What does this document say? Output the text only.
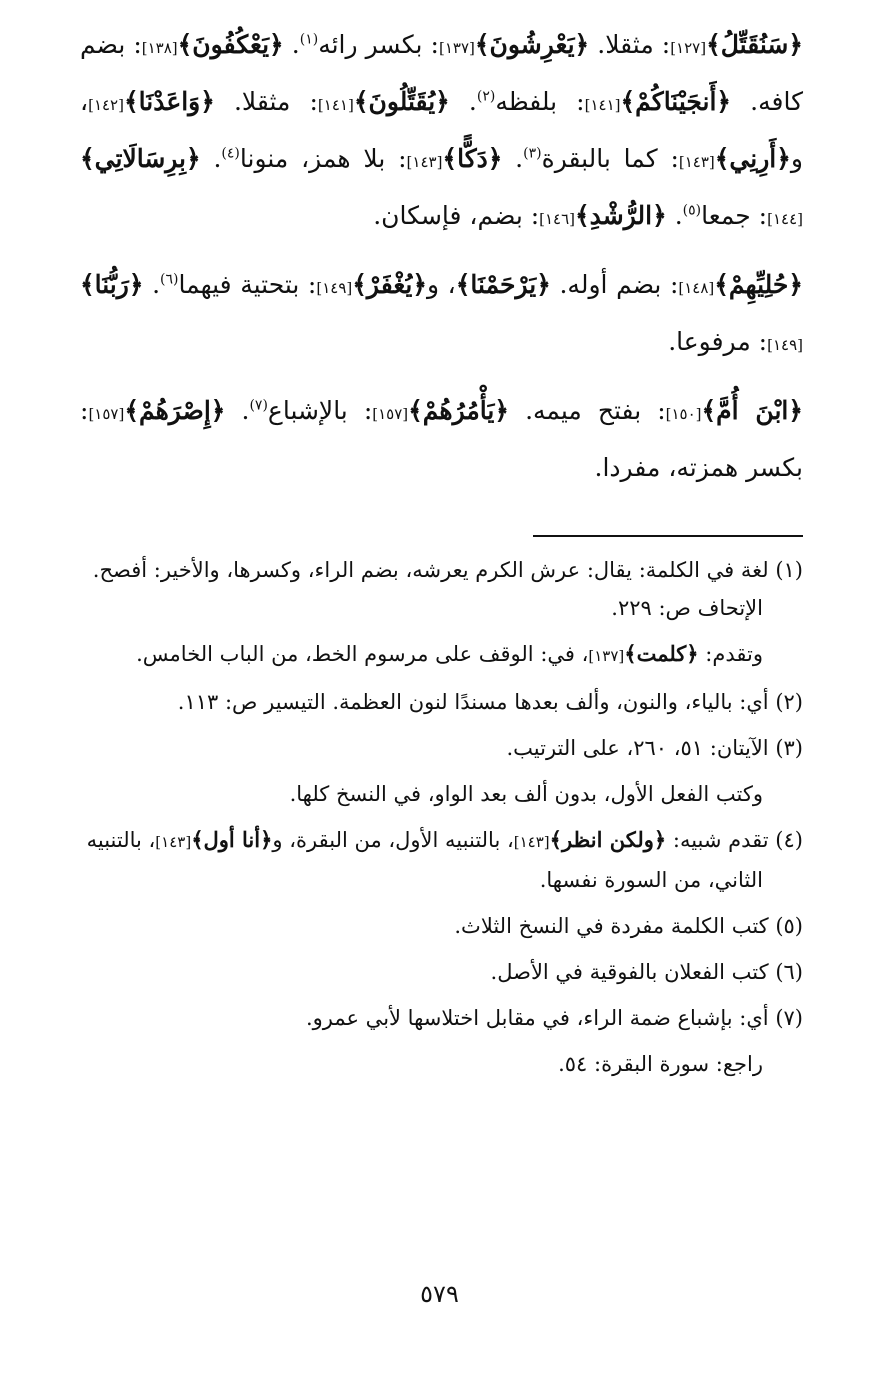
﴿سَنُقَتِّلُ﴾[١٢٧]: مثقلا. ﴿يَعْرِشُونَ﴾[١٣٧]: بكسر رائه$^{(١)}$. ﴿يَعْكُفُونَ﴾[١٣٨]: بضم كافه. ﴿أَنجَيْنَاكُمْ﴾[١٤١]: بلفظه$^{(٢)}$. ﴿يُقَتِّلُونَ﴾[١٤١]: مثقلا. ﴿وَاعَدْنَا﴾[١٤٢]، و﴿أَرِنِي﴾[١٤٣]: كما بالبقرة$^{(٣)}$. ﴿دَكًّا﴾[١٤٣]: بلا همز، منونا$^{(٤)}$. ﴿بِرِسَالَاتِي﴾[١٤٤]: جمعا$^{(٥)}$. ﴿الرُّشْدِ﴾[١٤٦]: بضم، فإسكان.

﴿حُلِيِّهِمْ﴾[١٤٨]: بضم أوله. ﴿يَرْحَمْنَا﴾، و﴿يُغْفَرْ﴾[١٤٩]: بتحتية فيهما$^{(٦)}$. ﴿رَبُّنَا﴾[١٤٩]: مرفوعا.

﴿ابْنَ أُمَّ﴾[١٥٠]: بفتح ميمه. ﴿يَأْمُرُهُمْ﴾[١٥٧]: بالإشباع$^{(٧)}$. ﴿إِصْرَهُمْ﴾[١٥٧]: بكسر همزته، مفردا.

(١) لغة في الكلمة: يقال: عرش الكرم يعرشه، بضم الراء، وكسرها، والأخير: أفصح. الإتحاف ص: ٢٢٩.

وتقدم: ﴿كلمت﴾[١٣٧]، في: الوقف على مرسوم الخط، من الباب الخامس.

(٢) أي: بالياء، والنون، وألف بعدها مسندًا لنون العظمة. التيسير ص: ١١٣.

(٣) الآيتان: ٥١، ٢٦٠، على الترتيب.

وكتب الفعل الأول، بدون ألف بعد الواو، في النسخ كلها.

(٤) تقدم شبيه: ﴿ولكن انظر﴾[١٤٣]، بالتنبيه الأول، من البقرة، و﴿أنا أول﴾[١٤٣]، بالتنبيه الثاني، من السورة نفسها.

(٥) كتب الكلمة مفردة في النسخ الثلاث.

(٦) كتب الفعلان بالفوقية في الأصل.

(٧) أي: بإشباع ضمة الراء، في مقابل اختلاسها لأبي عمرو.

راجع: سورة البقرة: ٥٤.

٥٧٩
